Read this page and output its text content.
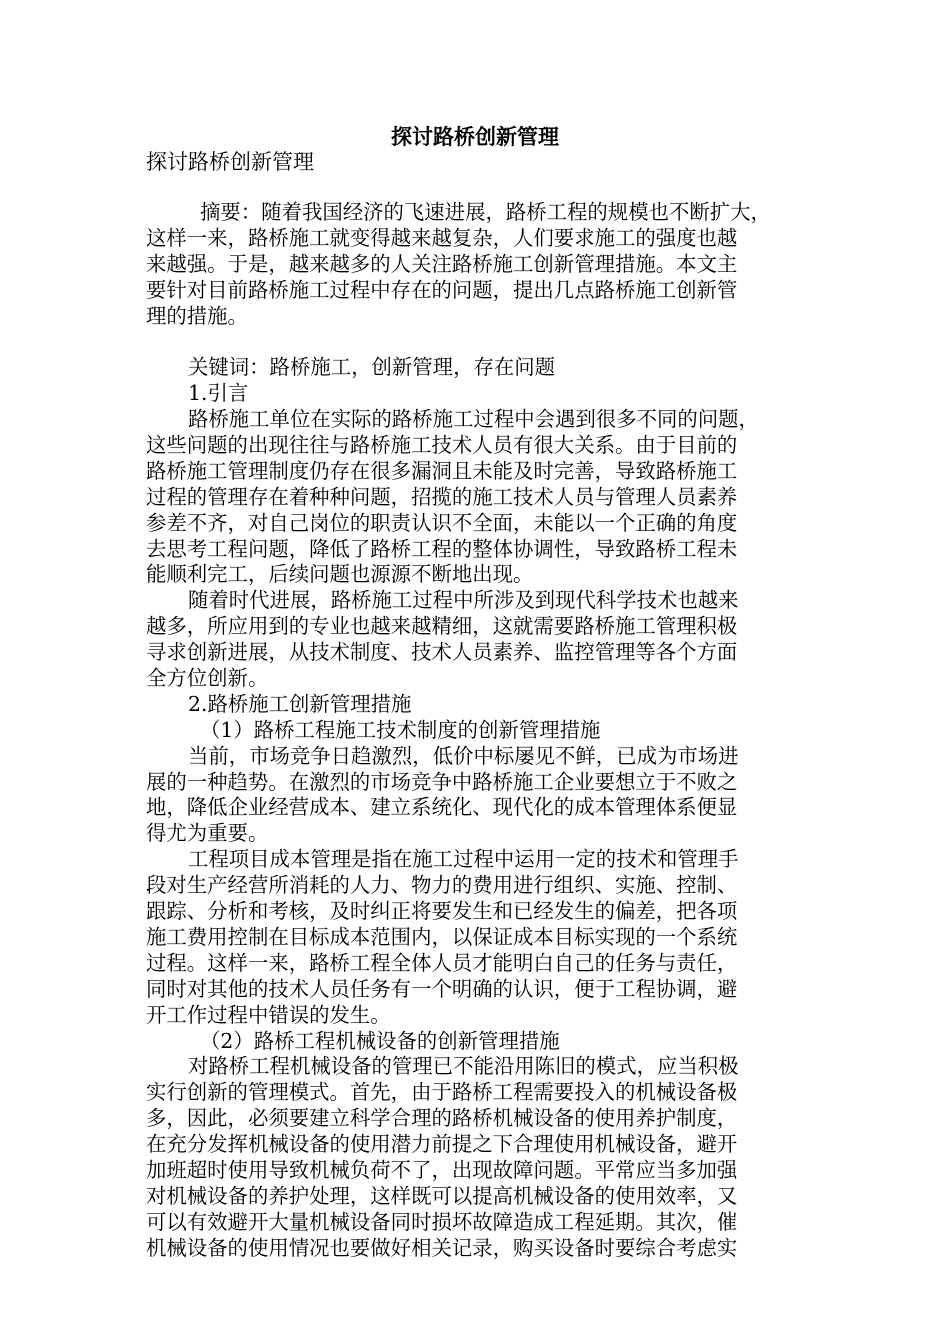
探讨路桥创新管理
探讨路桥创新管理
摘要：随着我国经济的飞速进展，路桥工程的规模也不断扩大，
这样一来，路桥施工就变得越来越复杂，人们要求施工的强度也越
来越强。于是，越来越多的人关注路桥施工创新管理措施。本文主
要针对目前路桥施工过程中存在的问题，提出几点路桥施工创新管
理的措施。
关键词：路桥施工，创新管理，存在问题
1.引言
路桥施工单位在实际的路桥施工过程中会遇到很多不同的问题，
这些问题的出现往往与路桥施工技术人员有很大关系。由于目前的
路桥施工管理制度仍存在很多漏洞且未能及时完善，导致路桥施工
过程的管理存在着种种问题，招揽的施工技术人员与管理人员素养
参差不齐，对自己岗位的职责认识不全面，未能以一个正确的角度
去思考工程问题，降低了路桥工程的整体协调性，导致路桥工程未
能顺利完工，后续问题也源源不断地出现。
随着时代进展，路桥施工过程中所涉及到现代科学技术也越来
越多，所应用到的专业也越来越精细，这就需要路桥施工管理积极
寻求创新进展，从技术制度、技术人员素养、监控管理等各个方面
全方位创新。
2.路桥施工创新管理措施
（1）路桥工程施工技术制度的创新管理措施
当前，市场竞争日趋激烈，低价中标屡见不鲜，已成为市场进
展的一种趋势。在激烈的市场竞争中路桥施工企业要想立于不败之
地，降低企业经营成本、建立系统化、现代化的成本管理体系便显
得尤为重要。
工程项目成本管理是指在施工过程中运用一定的技术和管理手
段对生产经营所消耗的人力、物力的费用进行组织、实施、控制、
跟踪、分析和考核，及时纠正将要发生和已经发生的偏差，把各项
施工费用控制在目标成本范围内，以保证成本目标实现的一个系统
过程。这样一来，路桥工程全体人员才能明白自己的任务与责任，
同时对其他的技术人员任务有一个明确的认识，便于工程协调，避
开工作过程中错误的发生。
（2）路桥工程机械设备的创新管理措施
对路桥工程机械设备的管理已不能沿用陈旧的模式，应当积极
实行创新的管理模式。首先，由于路桥工程需要投入的机械设备极
多，因此，必须要建立科学合理的路桥机械设备的使用养护制度，
在充分发挥机械设备的使用潜力前提之下合理使用机械设备，避开
加班超时使用导致机械负荷不了，出现故障问题。平常应当多加强
对机械设备的养护处理，这样既可以提高机械设备的使用效率，又
可以有效避开大量机械设备同时损坏故障造成工程延期。其次，催
机械设备的使用情况也要做好相关记录，购买设备时要综合考虑实
